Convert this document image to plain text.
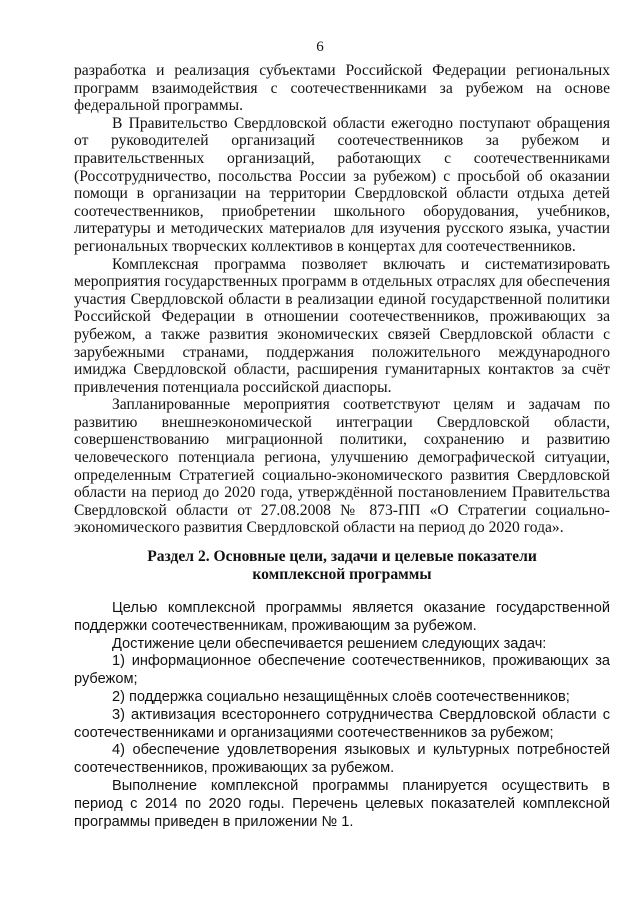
6

разработка и реализация субъектами Российской Федерации региональных программ взаимодействия с соотечественниками за рубежом на основе федеральной программы.

В Правительство Свердловской области ежегодно поступают обращения от руководителей организаций соотечественников за рубежом и правительственных организаций, работающих с соотечественниками (Россотрудничество, посольства России за рубежом) с просьбой об оказании помощи в организации на территории Свердловской области отдыха детей соотечественников, приобретении школьного оборудования, учебников, литературы и методических материалов для изучения русского языка, участии региональных творческих коллективов в концертах для соотечественников.

Комплексная программа позволяет включать и систематизировать мероприятия государственных программ в отдельных отраслях для обеспечения участия Свердловской области в реализации единой государственной политики Российской Федерации в отношении соотечественников, проживающих за рубежом, а также развития экономических связей Свердловской области с зарубежными странами, поддержания положительного международного имиджа Свердловской области, расширения гуманитарных контактов за счёт привлечения потенциала российской диаспоры.

Запланированные мероприятия соответствуют целям и задачам по развитию внешнеэкономической интеграции Свердловской области, совершенствованию миграционной политики, сохранению и развитию человеческого потенциала региона, улучшению демографической ситуации, определенным Стратегией социально-экономического развития Свердловской области на период до 2020 года, утверждённой постановлением Правительства Свердловской области от 27.08.2008 № 873-ПП «О Стратегии социально-экономического развития Свердловской области на период до 2020 года».

Раздел 2. Основные цели, задачи и целевые показатели
комплексной программы

Целью комплексной программы является оказание государственной поддержки соотечественникам, проживающим за рубежом.

Достижение цели обеспечивается решением следующих задач:

1) информационное обеспечение соотечественников, проживающих за рубежом;

2) поддержка социально незащищённых слоёв соотечественников;

3) активизация всестороннего сотрудничества Свердловской области с соотечественниками и организациями соотечественников за рубежом;

4) обеспечение удовлетворения языковых и культурных потребностей соотечественников, проживающих за рубежом.

Выполнение комплексной программы планируется осуществить в период с 2014 по 2020 годы. Перечень целевых показателей комплексной программы приведен в приложении № 1.
